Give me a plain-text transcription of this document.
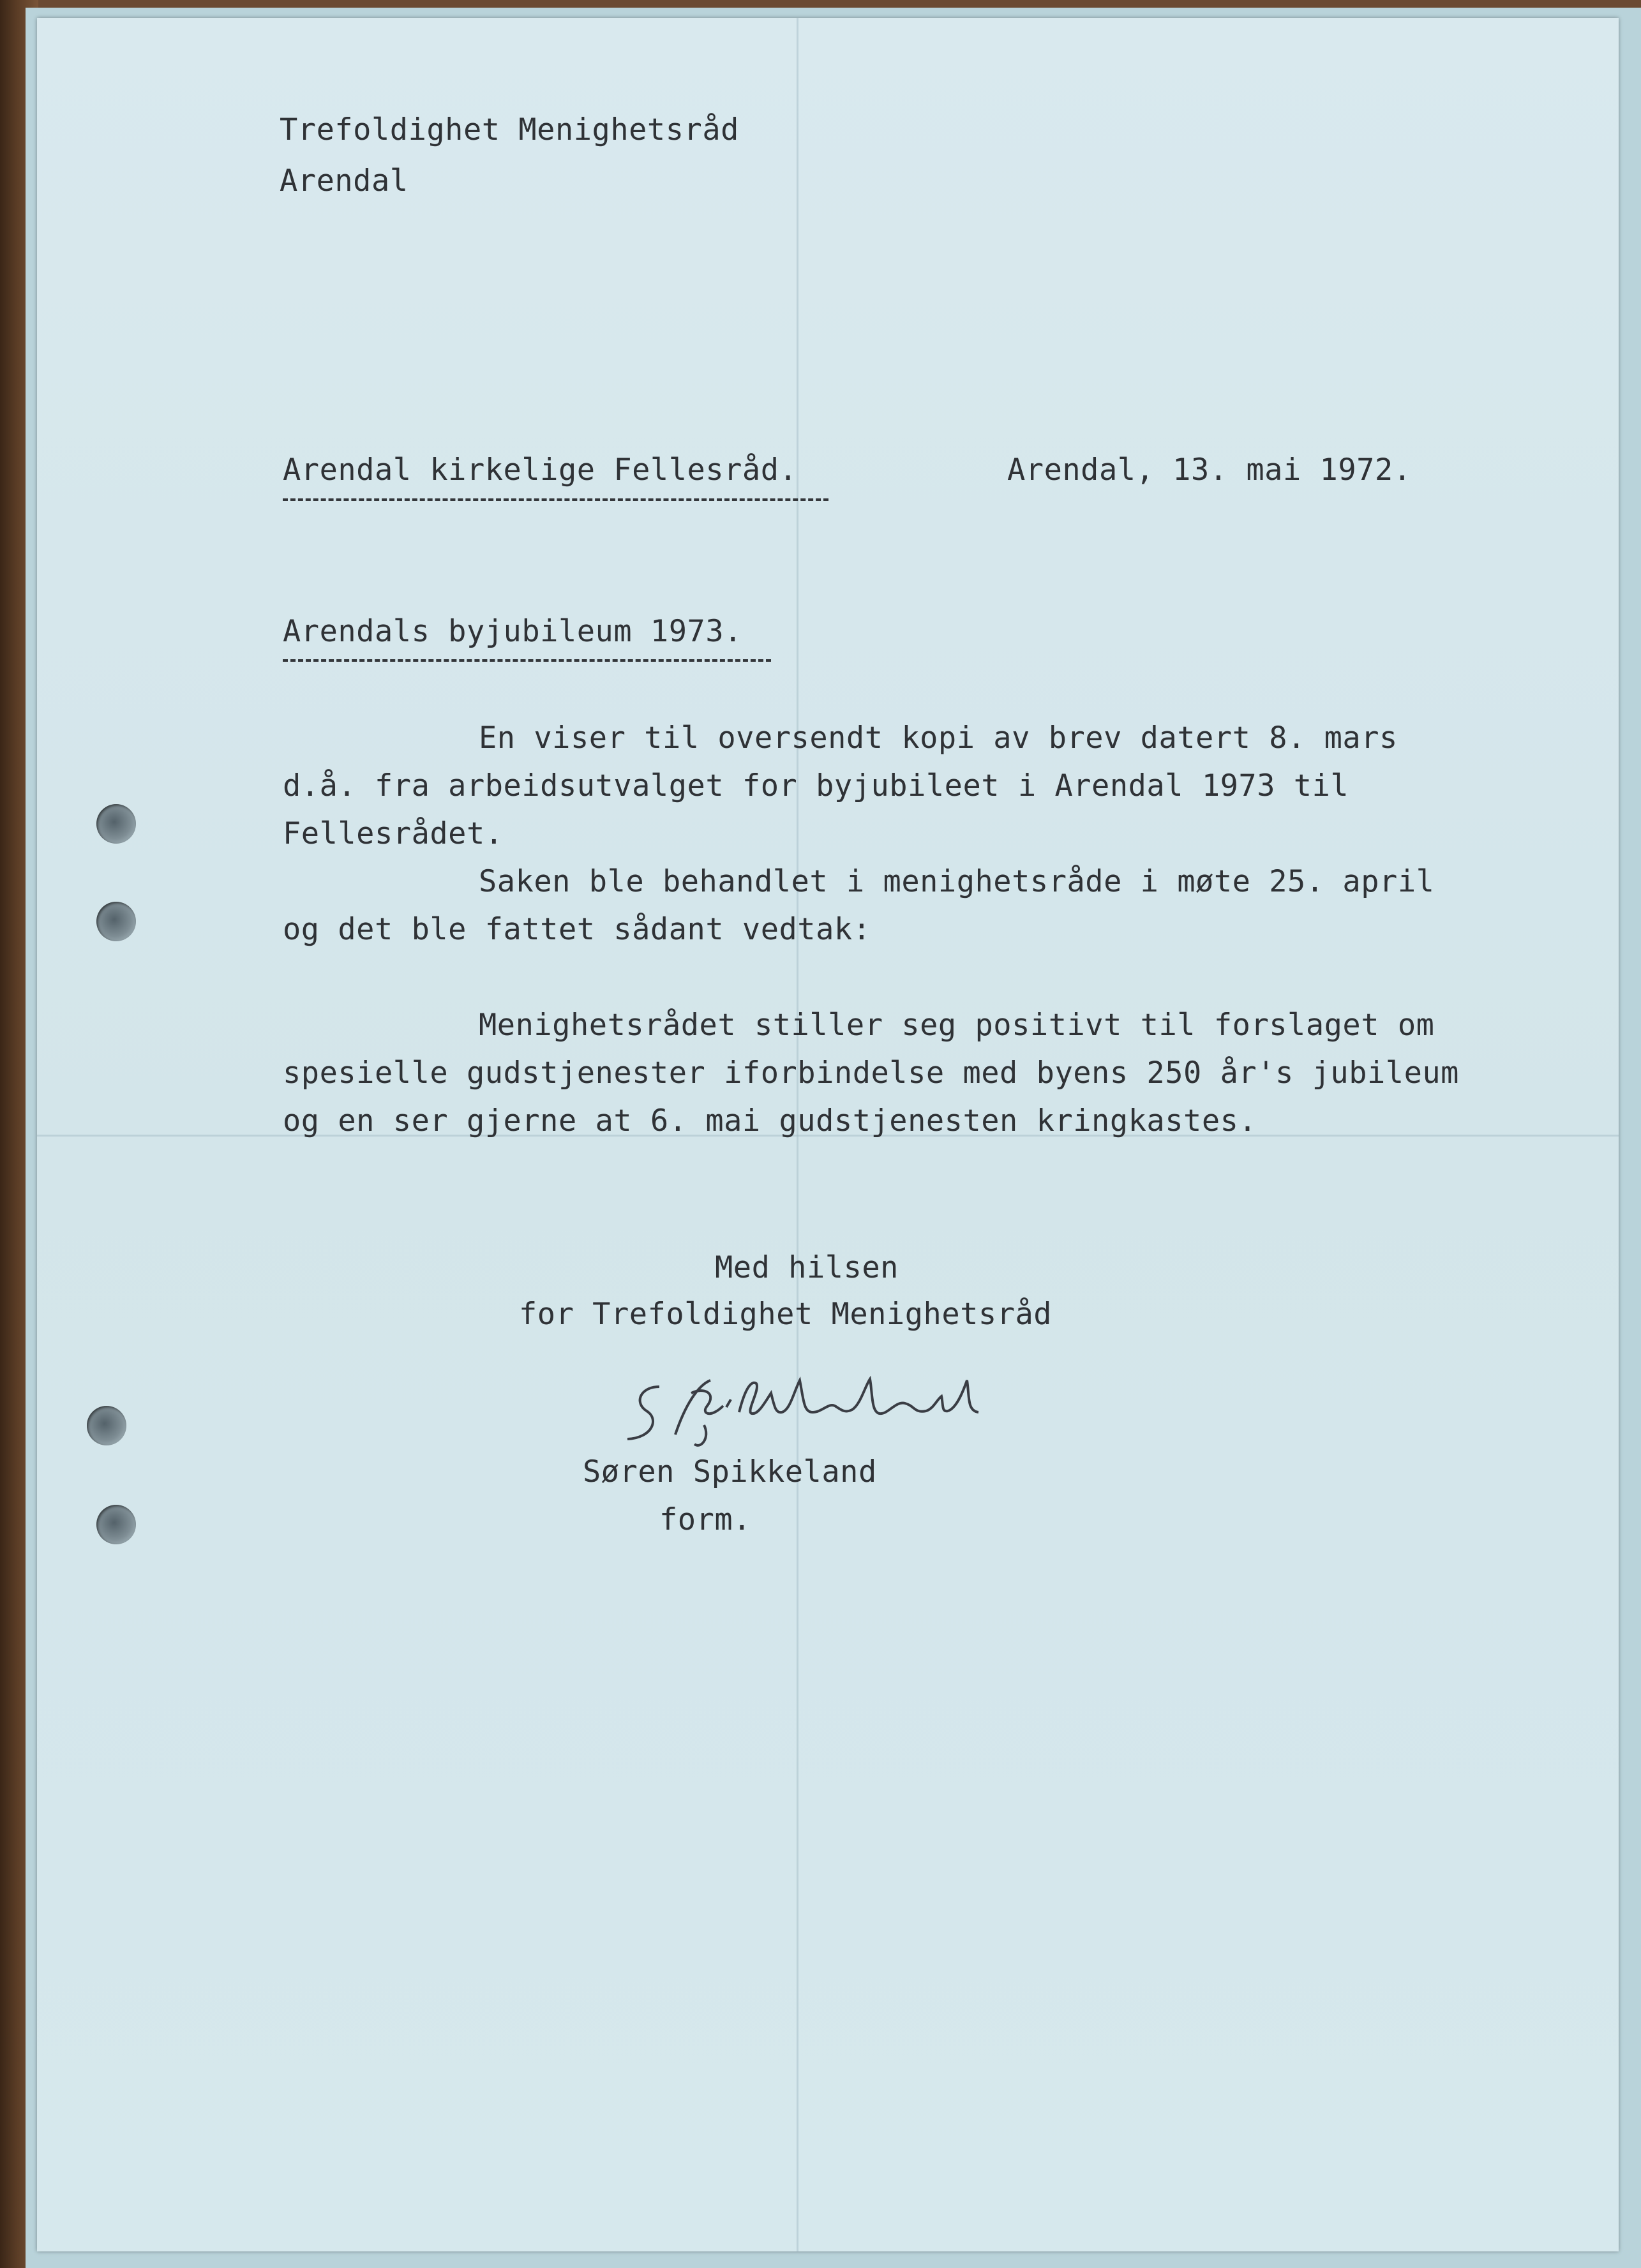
Trefoldighet Menighetsråd
Arendal
Arendal kirkelige Fellesråd.	Arendal, 13. mai 1972.
Arendals byjubileum 1973.
En viser til oversendt kopi av brev datert 8. mars
d.å. fra arbeidsutvalget for byjubileet i Arendal 1973 til
Fellesrådet.
Saken ble behandlet i menighetsråde i møte 25. april
og det ble fattet sådant vedtak:
Menighetsrådet stiller seg positivt til forslaget om
spesielle gudstjenester iforbindelse med byens 250 år's jubileum
og en ser gjerne at 6. mai gudstjenesten kringkastes.
Med hilsen
for Trefoldighet Menighetsråd
Søren Spikkeland
form.
